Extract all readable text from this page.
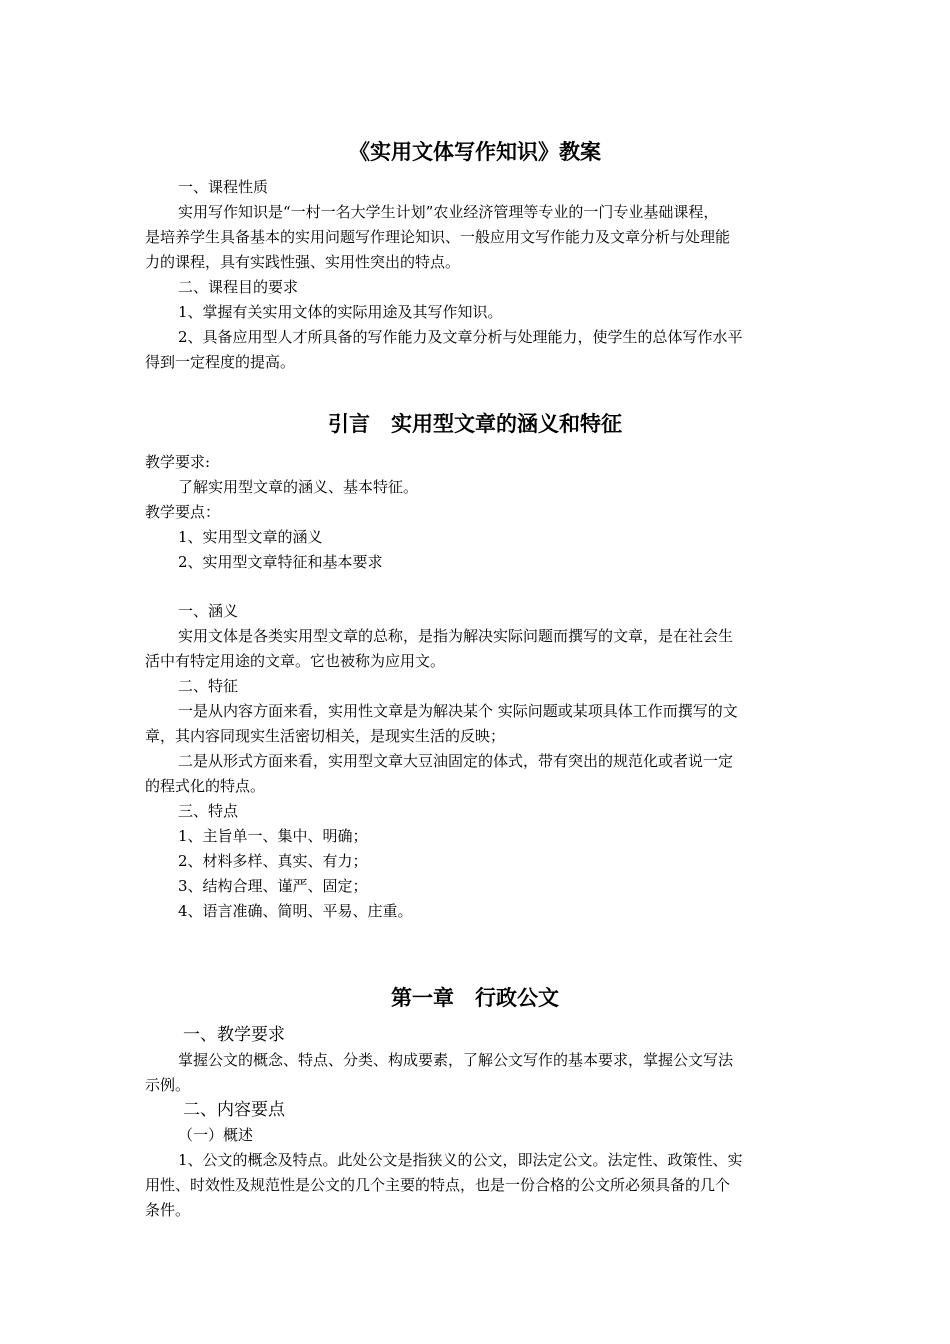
《实用文体写作知识》教案
一、课程性质
实用写作知识是“一村一名大学生计划”农业经济管理等专业的一门专业基础课程，
是培养学生具备基本的实用问题写作理论知识、一般应用文写作能力及文章分析与处理能
力的课程，具有实践性强、实用性突出的特点。
二、课程目的要求
1、掌握有关实用文体的实际用途及其写作知识。
2、具备应用型人才所具备的写作能力及文章分析与处理能力，使学生的总体写作水平
得到一定程度的提高。
引言　实用型文章的涵义和特征
教学要求:
了解实用型文章的涵义、基本特征。
教学要点：
1、实用型文章的涵义
2、实用型文章特征和基本要求
一、涵义
实用文体是各类实用型文章的总称，是指为解决实际问题而撰写的文章，是在社会生
活中有特定用途的文章。它也被称为应用文。
二、特征
一是从内容方面来看，实用性文章是为解决某个 实际问题或某项具体工作而撰写的文
章，其内容同现实生活密切相关，是现实生活的反映；
二是从形式方面来看，实用型文章大豆油固定的体式，带有突出的规范化或者说一定
的程式化的特点。
三、特点
1、主旨单一、集中、明确；
2、材料多样、真实、有力；
3、结构合理、谨严、固定；
4、语言准确、简明、平易、庄重。
第一章　行政公文
一、教学要求
掌握公文的概念、特点、分类、构成要素，了解公文写作的基本要求，掌握公文写法
示例。
二、内容要点
（一）概述
1、公文的概念及特点。此处公文是指狭义的公文，即法定公文。法定性、政策性、实
用性、时效性及规范性是公文的几个主要的特点，也是一份合格的公文所必须具备的几个
条件。
